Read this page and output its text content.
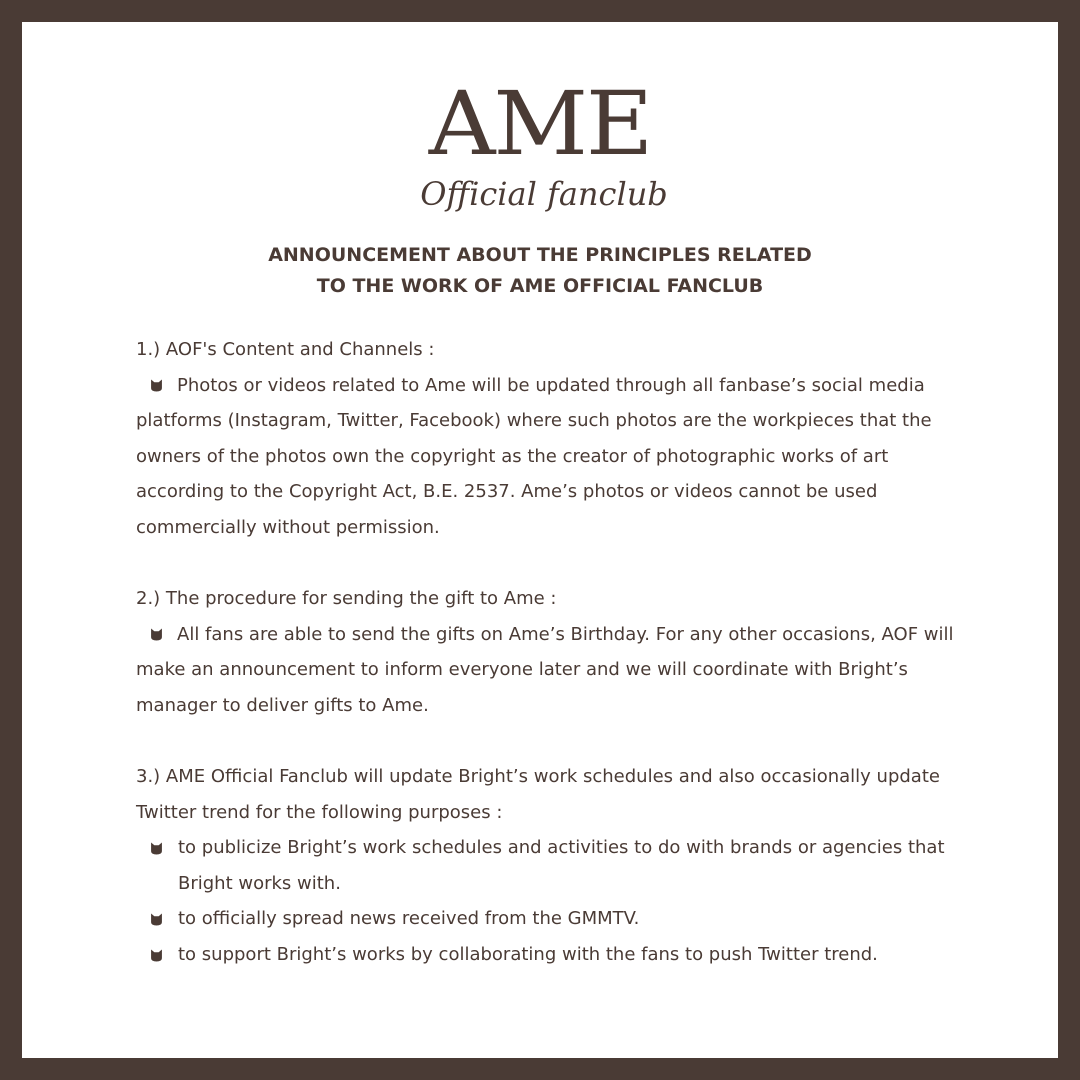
AME
Official fanclub
ANNOUNCEMENT ABOUT THE PRINCIPLES RELATED
TO THE WORK OF AME OFFICIAL FANCLUB

1.) AOF's Content and Channels :

Photos or videos related to Ame will be updated through all fanbase’s social media platforms (Instagram, Twitter, Facebook) where such photos are the workpieces that the owners of the photos own the copyright as the creator of photographic works of art according to the Copyright Act, B.E. 2537. Ame’s photos or videos cannot be used commercially without permission.

2.) The procedure for sending the gift to Ame :

All fans are able to send the gifts on Ame’s Birthday. For any other occasions, AOF will make an announcement to inform everyone later and we will coordinate with Bright’s manager to deliver gifts to Ame.

3.) AME Official Fanclub will update Bright’s work schedules and also occasionally update Twitter trend for the following purposes :

to publicize Bright’s work schedules and activities to do with brands or agencies that Bright works with.
to officially spread news received from the GMMTV.
to support Bright’s works by collaborating with the fans to push Twitter trend.
